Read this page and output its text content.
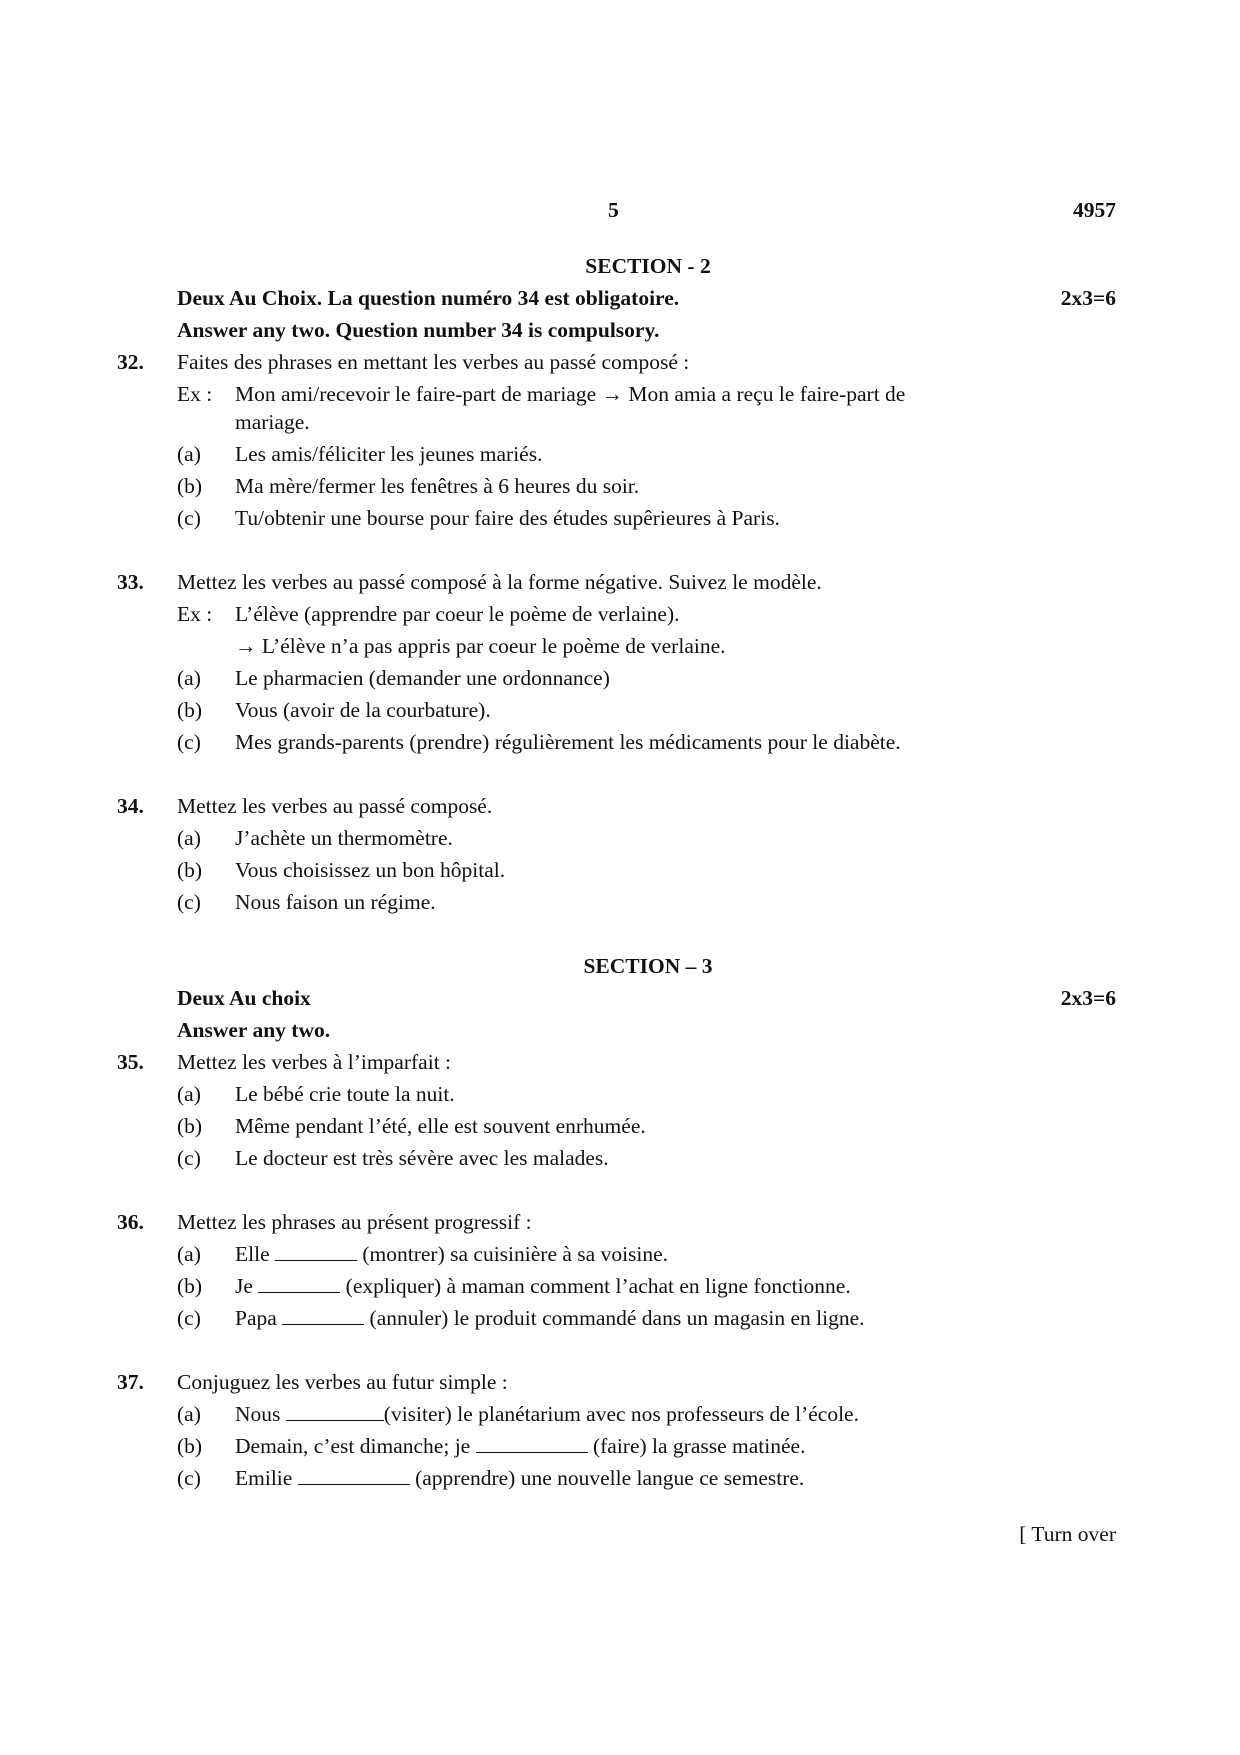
5	4957
SECTION - 2
Deux Au Choix. La question numéro 34 est obligatoire.	2x3=6
Answer any two. Question number 34 is compulsory.
32. Faites des phrases en mettant les verbes au passé composé :
Ex : Mon ami/recevoir le faire-part de mariage → Mon amia a reçu le faire-part de
mariage.
(a) Les amis/féliciter les jeunes mariés.
(b) Ma mère/fermer les fenêtres à 6 heures du soir.
(c) Tu/obtenir une bourse pour faire des études supêrieures à Paris.
33. Mettez les verbes au passé composé à la forme négative. Suivez le modèle.
Ex : L’élève (apprendre par coeur le poème de verlaine).
→ L’élève n’a pas appris par coeur le poème de verlaine.
(a) Le pharmacien (demander une ordonnance)
(b) Vous (avoir de la courbature).
(c) Mes grands-parents (prendre) régulièrement les médicaments pour le diabète.
34. Mettez les verbes au passé composé.
(a) J’achète un thermomètre.
(b) Vous choisissez un bon hôpital.
(c) Nous faison un régime.
SECTION – 3
Deux Au choix	2x3=6
Answer any two.
35. Mettez les verbes à l’imparfait :
(a) Le bébé crie toute la nuit.
(b) Même pendant l’été, elle est souvent enrhumée.
(c) Le docteur est très sévère avec les malades.
36. Mettez les phrases au présent progressif :
(a) Elle	(montrer) sa cuisinière à sa voisine.
(b) Je	(expliquer) à maman comment l’achat en ligne fonctionne.
(c) Papa	(annuler) le produit commandé dans un magasin en ligne.
37. Conjuguez les verbes au futur simple :
(a) Nous	(visiter) le planétarium avec nos professeurs de l’école.
(b) Demain, c’est dimanche; je	(faire) la grasse matinée.
(c) Emilie	(apprendre) une nouvelle langue ce semestre.
[ Turn over
